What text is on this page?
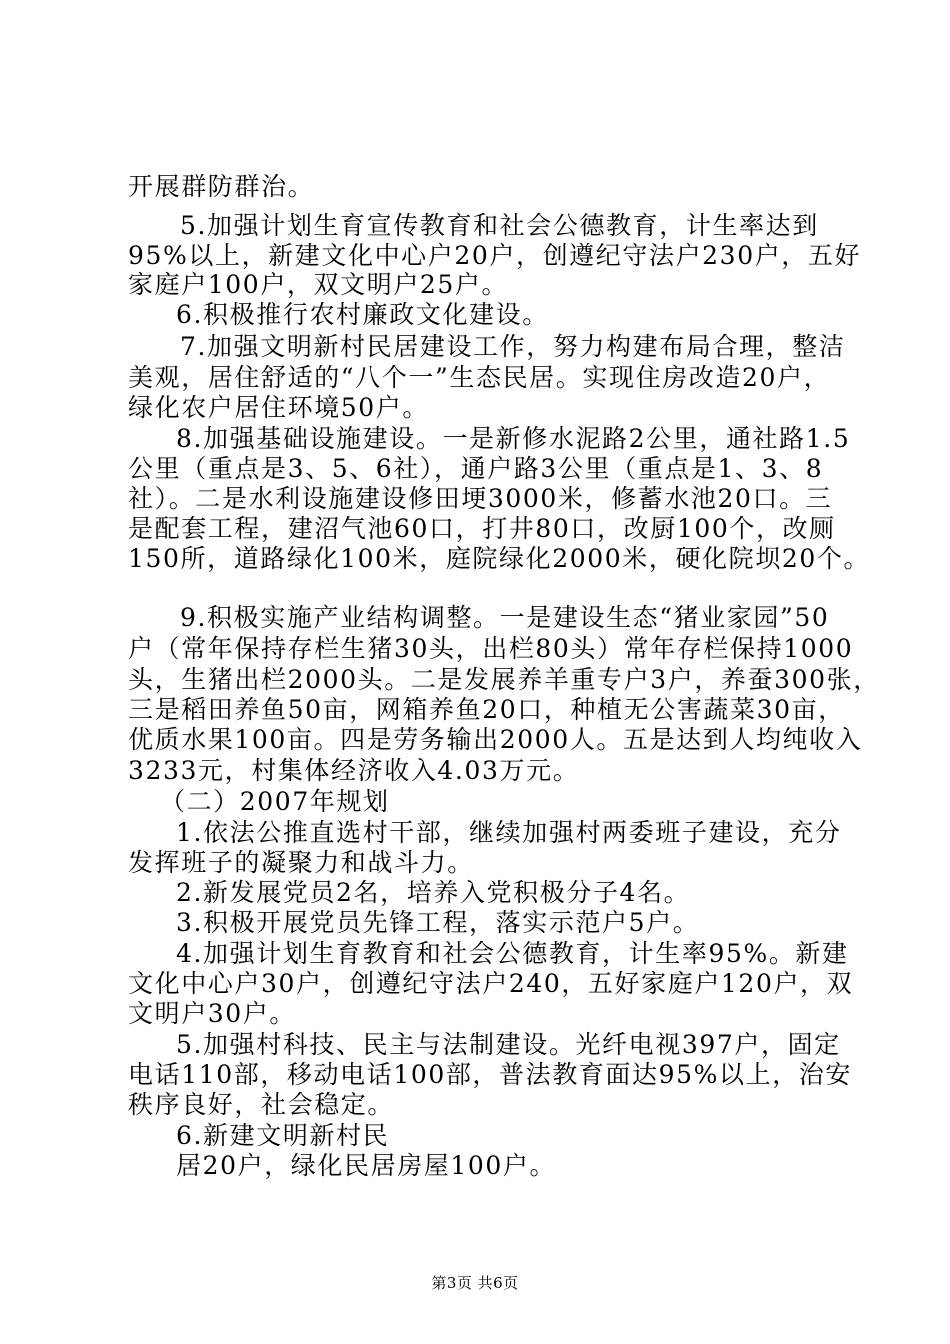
开展群防群治。
5.加强计划生育宣传教育和社会公德教育，计生率达到
95%以上，新建文化中心户20户，创遵纪守法户230户，五好
家庭户100户，双文明户25户。
6.积极推行农村廉政文化建设。
7.加强文明新村民居建设工作，努力构建布局合理，整洁
美观，居住舒适的“八个一”生态民居。实现住房改造20户，
绿化农户居住环境50户。
8.加强基础设施建设。一是新修水泥路2公里，通社路1.5
公里（重点是3、5、6社），通户路3公里（重点是1、3、8
社）。二是水利设施建设修田埂3000米，修蓄水池20口。三
是配套工程，建沼气池60口，打井80口，改厨100个，改厕
150所，道路绿化100米，庭院绿化2000米，硬化院坝20个。
9.积极实施产业结构调整。一是建设生态“猪业家园”50
户（常年保持存栏生猪30头，出栏80头）常年存栏保持1000
头，生猪出栏2000头。二是发展养羊重专户3户，养蚕300张，
三是稻田养鱼50亩，网箱养鱼20口，种植无公害蔬菜30亩，
优质水果100亩。四是劳务输出2000人。五是达到人均纯收入
3233元，村集体经济收入4.03万元。
（二）2007年规划
1.依法公推直选村干部，继续加强村两委班子建设，充分
发挥班子的凝聚力和战斗力。
2.新发展党员2名，培养入党积极分子4名。
3.积极开展党员先锋工程，落实示范户5户。
4.加强计划生育教育和社会公德教育，计生率95%。新建
文化中心户30户，创遵纪守法户240，五好家庭户120户，双
文明户30户。
5.加强村科技、民主与法制建设。光纤电视397户，固定
电话110部，移动电话100部，普法教育面达95%以上，治安
秩序良好，社会稳定。
6.新建文明新村民
居20户，绿化民居房屋100户。
第3页 共6页
